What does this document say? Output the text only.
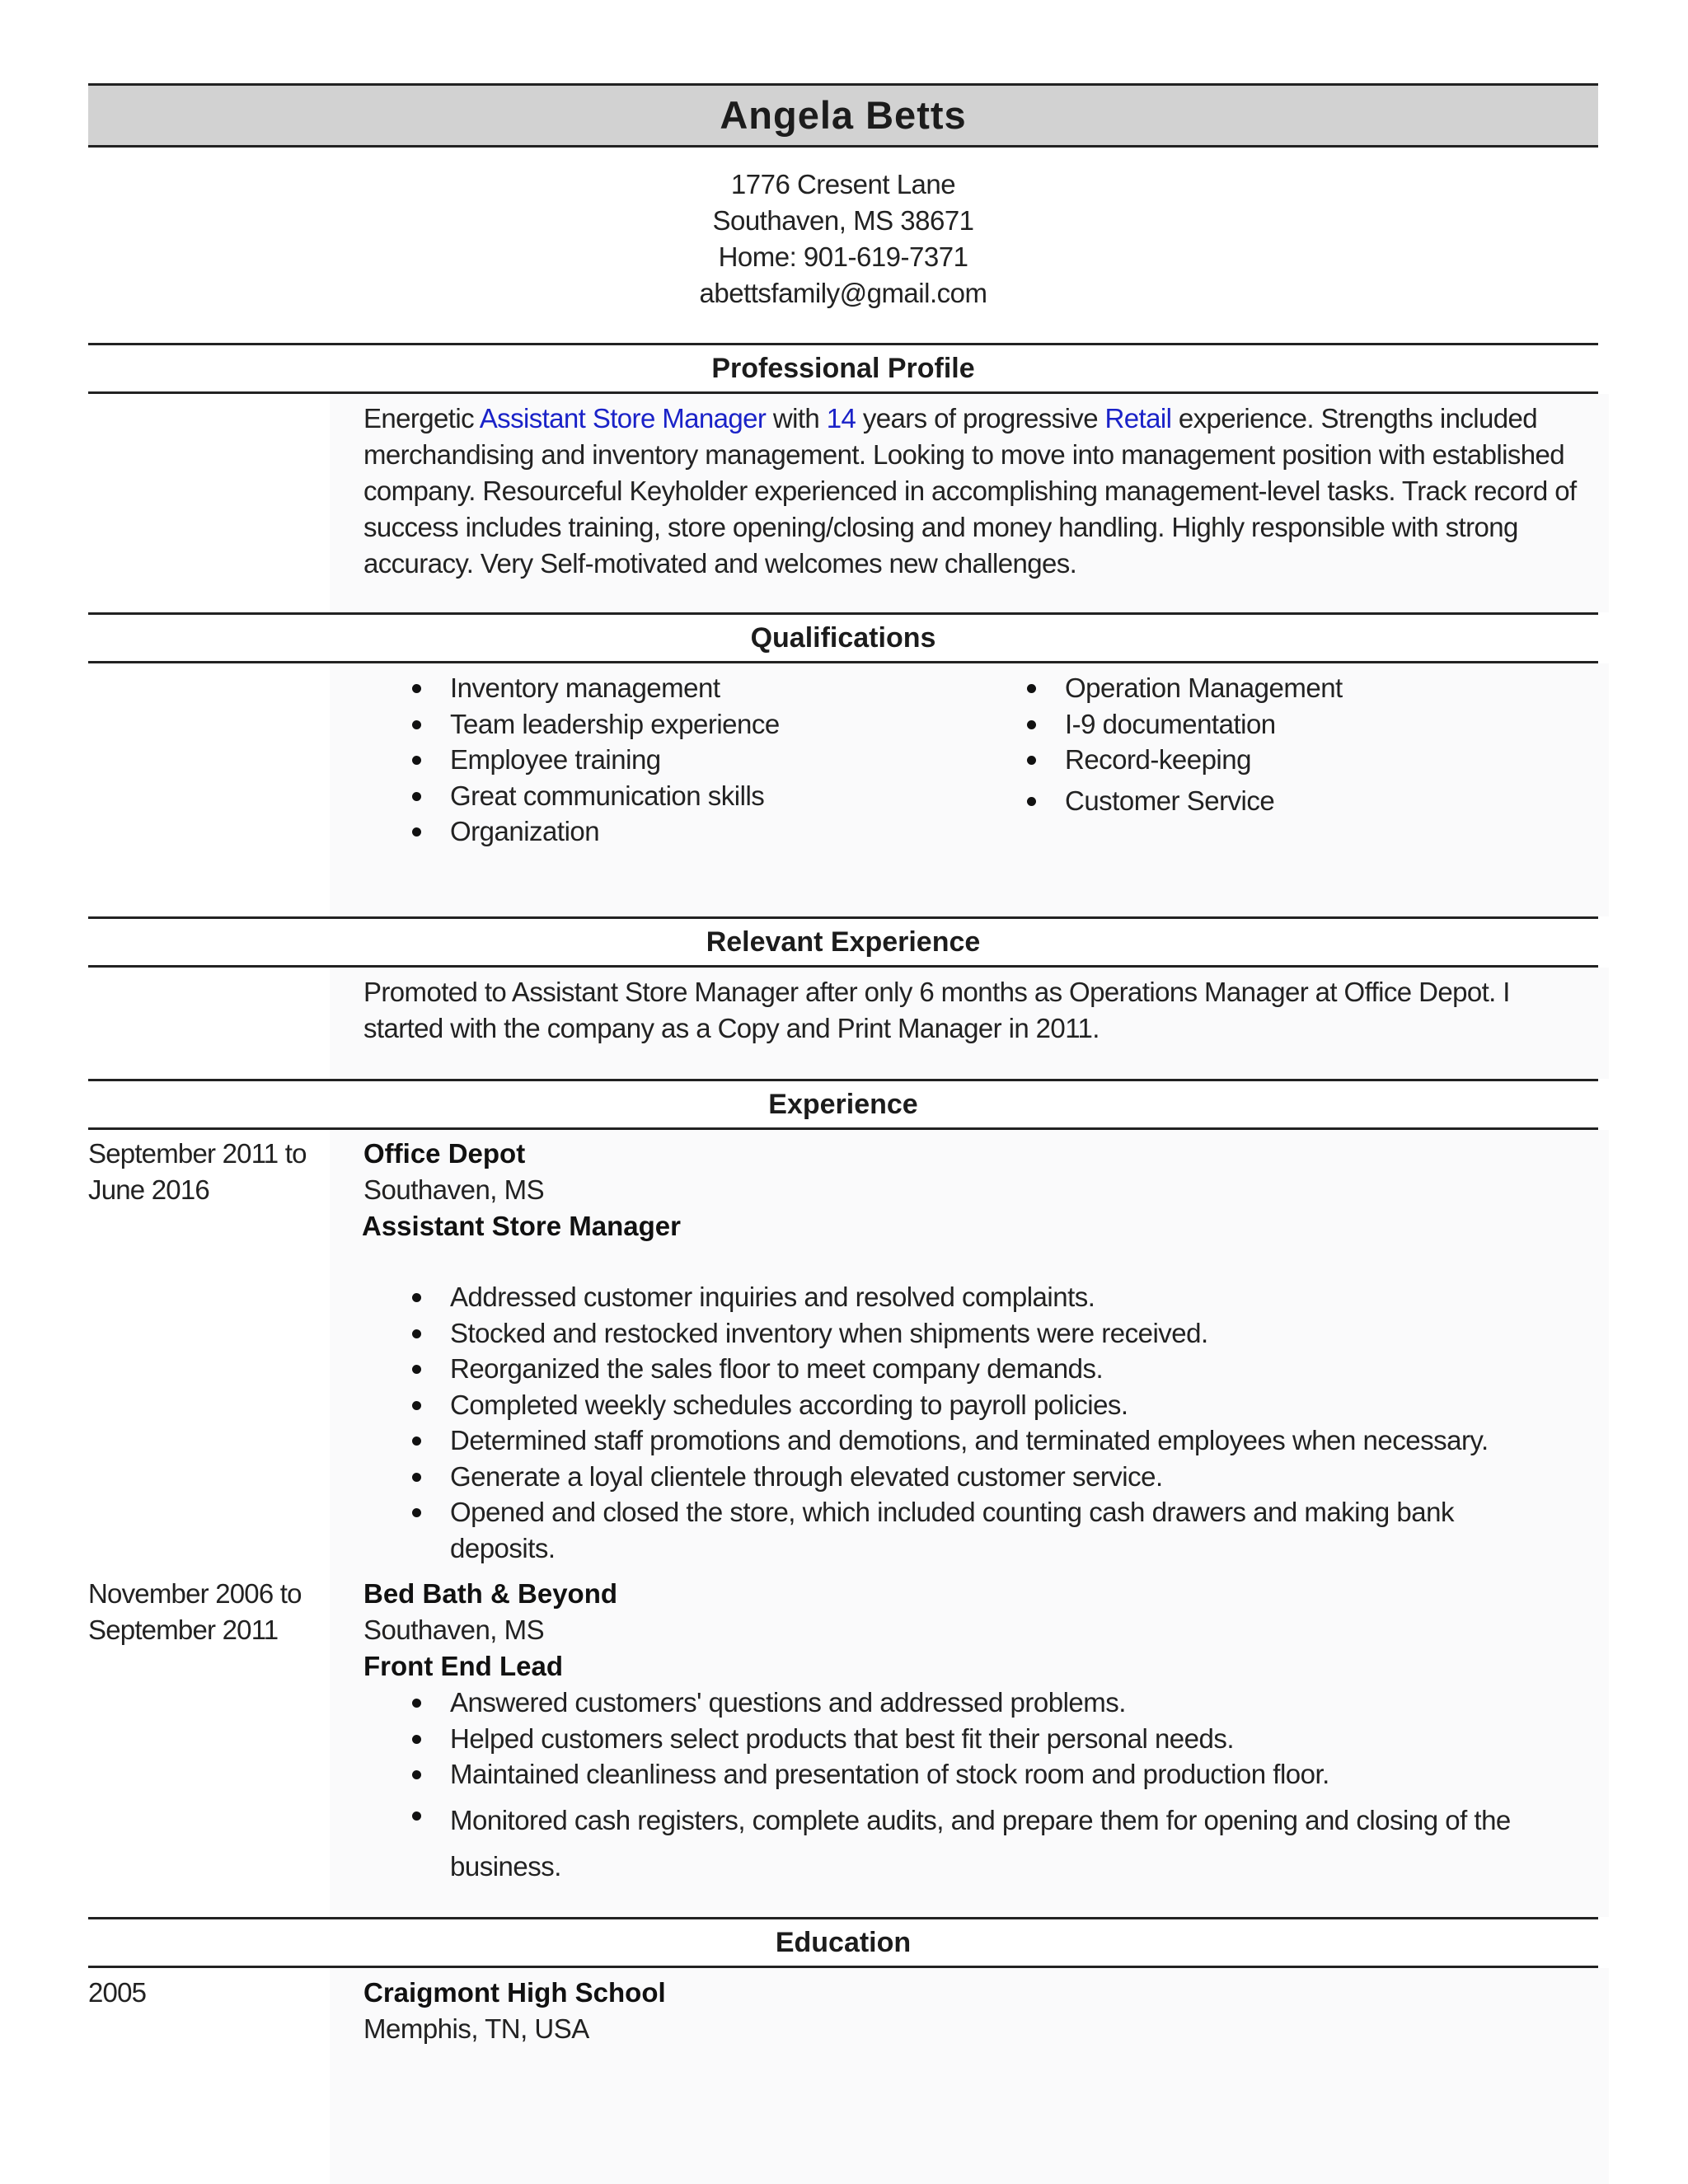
Angela Betts
1776 Cresent Lane
Southaven, MS 38671
Home: 901-619-7371
abettsfamily@gmail.com
Professional Profile
Energetic Assistant Store Manager with 14 years of progressive Retail experience. Strengths included merchandising and inventory management. Looking to move into management position with established company. Resourceful Keyholder experienced in accomplishing management-level tasks. Track record of success includes training, store opening/closing and money handling. Highly responsible with strong accuracy. Very Self-motivated and welcomes new challenges.
Qualifications
Inventory management
Team leadership experience
Employee training
Great communication skills
Organization
Operation Management
I-9 documentation
Record-keeping
Customer Service
Relevant Experience
Promoted to Assistant Store Manager after only 6 months as Operations Manager at Office Depot. I started with the company as a Copy and Print Manager in 2011.
Experience
September 2011 to
June 2016
Office Depot
Southaven, MS
Assistant Store Manager
Addressed customer inquiries and resolved complaints.
Stocked and restocked inventory when shipments were received.
Reorganized the sales floor to meet company demands.
Completed weekly schedules according to payroll policies.
Determined staff promotions and demotions, and terminated employees when necessary.
Generate a loyal clientele through elevated customer service.
Opened and closed the store, which included counting cash drawers and making bank deposits.
November 2006 to
September 2011
Bed Bath & Beyond
Southaven, MS
Front End Lead
Answered customers' questions and addressed problems.
Helped customers select products that best fit their personal needs.
Maintained cleanliness and presentation of stock room and production floor.
Monitored cash registers, complete audits, and prepare them for opening and closing of the business.
Education
2005	Craigmont High School
Memphis, TN, USA
